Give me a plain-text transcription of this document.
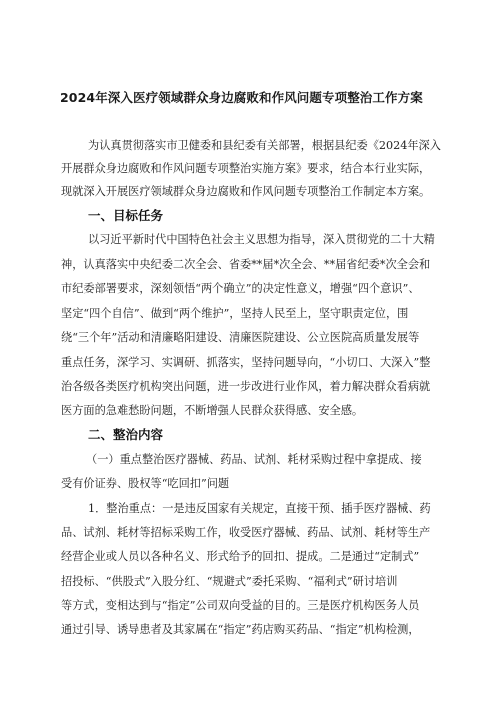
2024年深入医疗领域群众身边腐败和作风问题专项整治工作方案
为认真贯彻落实市卫健委和县纪委有关部署，根据县纪委《2024年深入
开展群众身边腐败和作风问题专项整治实施方案》要求，结合本行业实际，
现就深入开展医疗领域群众身边腐败和作风问题专项整治工作制定本方案。
一、目标任务
以习近平新时代中国特色社会主义思想为指导，深入贯彻党的二十大精
神，认真落实中央纪委二次全会、省委**届*次全会、**届省纪委*次全会和
市纪委部署要求，深刻领悟“两个确立”的决定性意义，增强“四个意识”、
坚定“四个自信”、做到“两个维护”，坚持人民至上，坚守职责定位，围
绕“三个年”活动和清廉略阳建设、清廉医院建设、公立医院高质量发展等
重点任务，深学习、实调研、抓落实，坚持问题导向，“小切口、大深入”整
治各级各类医疗机构突出问题，进一步改进行业作风，着力解决群众看病就
医方面的急难愁盼问题，不断增强人民群众获得感、安全感。
二、整治内容
（一）重点整治医疗器械、药品、试剂、耗材采购过程中拿提成、接
受有价证券、股权等“吃回扣”问题
1．整治重点：一是违反国家有关规定，直接干预、插手医疗器械、药
品、试剂、耗材等招标采购工作，收受医疗器械、药品、试剂、耗材等生产
经营企业或人员以各种名义、形式给予的回扣、提成。二是通过“定制式”
招投标、“供股式”入股分红、“规避式”委托采购、“福利式”研讨培训
等方式，变相达到与“指定”公司双向受益的目的。三是医疗机构医务人员
通过引导、诱导患者及其家属在“指定”药店购买药品、“指定”机构检测，
